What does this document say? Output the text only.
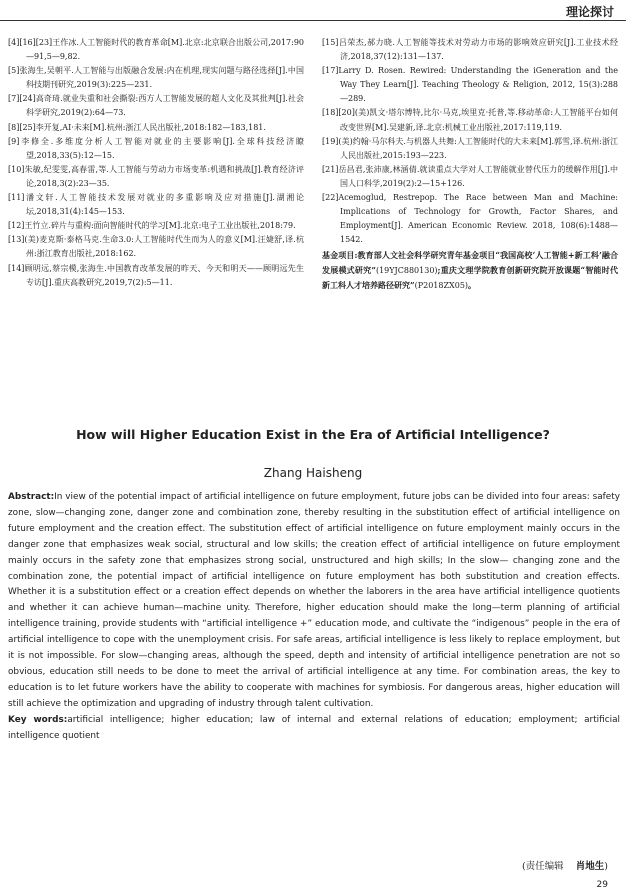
理论探讨
[4][16][23]王作冰.人工智能时代的教育革命[M].北京:北京联合出版公司,2017:90—91,5—9,82.
[5]张海生,吴朝平.人工智能与出版融合发展:内在机理,现实问题与路径选择[J].中国科技期刊研究,2019(3):225—231.
[7][24]高奇琦.就业失重和社会撕裂:西方人工智能发展的超人文化及其批判[J].社会科学研究,2019(2):64—73.
[8][25]李开复,AI·未来[M].杭州:浙江人民出版社,2018:182—183,181.
[9]李修全.多维度分析人工智能对就业的主要影响[J].全球科技经济瞭望,2018,33(5):12—15.
[10]朱敏,纪雯雯,高春雷,等.人工智能与劳动力市场变革:机遇和挑战[J].教育经济评论,2018,3(2):23—35.
[11]潘文轩.人工智能技术发展对就业的多重影响及应对措施[J].湖湘论坛,2018,31(4):145—153.
[12]王竹立.碎片与重构:面向智能时代的学习[M].北京:电子工业出版社,2018:79.
[13](美)麦克斯·泰格马克.生命3.0:人工智能时代生而为人的意义[M].汪婕舒,译.杭州:浙江教育出版社,2018:162.
[14]顾明远,蔡宗模,张海生.中国教育改革发展的昨天、今天和明天——顾明远先生专访[J].重庆高教研究,2019,7(2):5—11.
[15]吕荣杰,郝力晓.人工智能等技术对劳动力市场的影响效应研究[J].工业技术经济,2018,37(12):131—137.
[17]Larry D. Rosen. Rewired: Understanding the iGeneration and the Way They Learn[J]. Teaching Theology & Religion, 2012, 15(3):288—289.
[18][20](美)凯文·塔尔博特,比尔·马克,埃里克·托普,等.移动革命:人工智能平台如何改变世界[M].吴建新,译.北京:机械工业出版社,2017:119,119.
[19](美)约翰·马尔科夫.与机器人共舞:人工智能时代的大未来[M].郭雪,译.杭州:浙江人民出版社,2015:193—223.
[21]岳昌君,张沛康,林涵倩.就读重点大学对人工智能就业替代压力的缓解作用[J].中国人口科学,2019(2):2—15+126.
[22]Acemoglud, Restrepop. The Race between Man and Machine: Implications of Technology for Growth, Factor Shares, and Employment[J]. American Economic Review. 2018, 108(6):1488—1542.
基金项目:教育部人文社会科学研究青年基金项目“我国高校‘人工智能+新工科’融合发展模式研究”(19YJC880130);重庆文理学院教育创新研究院开放课题“智能时代新工科人才培养路径研究”(P2018ZX05)。
How will Higher Education Exist in the Era of Artificial Intelligence?
Zhang Haisheng
Abstract:In view of the potential impact of artificial intelligence on future employment, future jobs can be divided into four areas: safety zone, slow—changing zone, danger zone and combination zone, thereby resulting in the substitution effect of artificial intelligence on future employment and the creation effect. The substitution effect of artificial intelligence on future employment mainly occurs in the danger zone that emphasizes weak social, structural and low skills; the creation effect of artificial intelligence on future employment mainly occurs in the safety zone that emphasizes strong social, unstructured and high skills; In the slow— changing zone and the combination zone, the potential impact of artificial intelligence on future employment has both substitution and creation effects. Whether it is a substitution effect or a creation effect depends on whether the laborers in the area have artificial intelligence quotients and whether it can achieve human—machine unity. Therefore, higher education should make the long—term planning of artificial intelligence training, provide students with “artificial intelligence +” education mode, and cultivate the “indigenous” people in the era of artificial intelligence to cope with the unemployment crisis. For safe areas, artificial intelligence is less likely to replace employment, but it is not impossible. For slow—changing areas, although the speed, depth and intensity of artificial intelligence penetration are not so obvious, education still needs to be done to meet the arrival of artificial intelligence at any time. For combination areas, the key to education is to let future workers have the ability to cooperate with machines for symbiosis. For dangerous areas, higher education will still achieve the optimization and upgrading of industry through talent cultivation.
Key words:artificial intelligence; higher education; law of internal and external relations of education; employment; artificial intelligence quotient
(责任编辑 肖地生)
29
